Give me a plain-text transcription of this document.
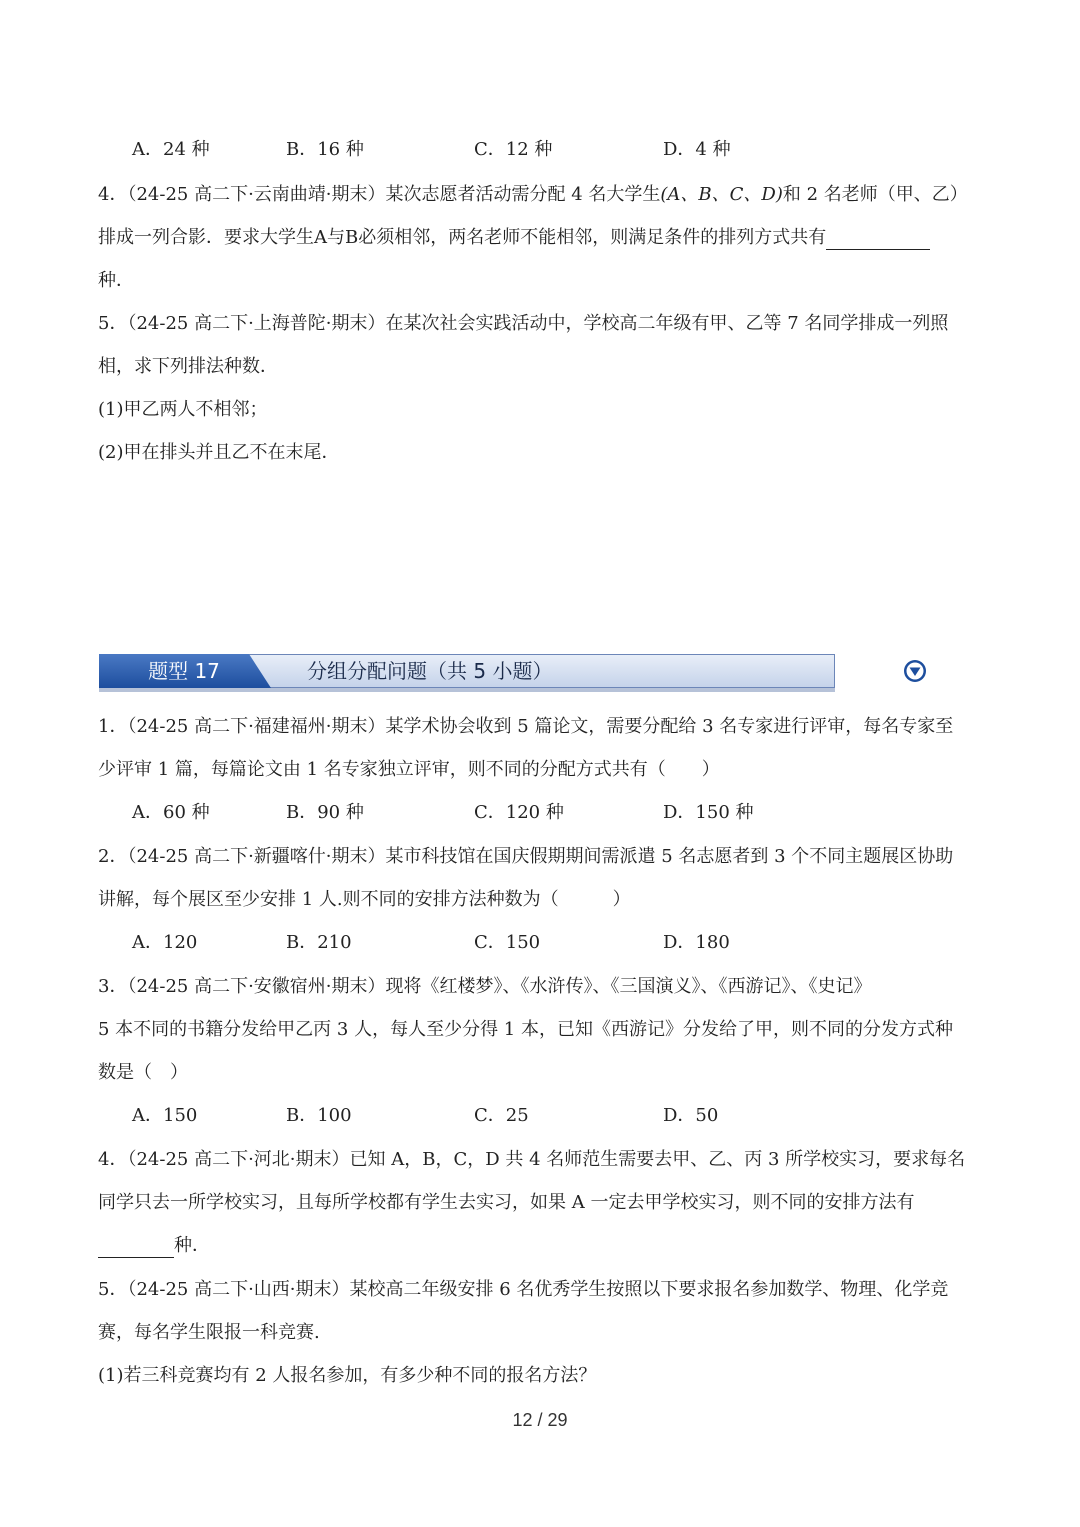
A．24 种	B．16 种	C．12 种	D．4 种
4．（24-25 高二下·云南曲靖·期末）某次志愿者活动需分配 4 名大学生(A、B、C、D)和 2 名老师（甲、乙）
排成一列合影．要求大学生A与B必须相邻，两名老师不能相邻，则满足条件的排列方式共有
种．
5．（24-25 高二下·上海普陀·期末）在某次社会实践活动中，学校高二年级有甲、乙等 7 名同学排成一列照
相，求下列排法种数．
(1)甲乙两人不相邻；
(2)甲在排头并且乙不在末尾．
题型 17	分组分配问题（共 5 小题）
1．（24-25 高二下·福建福州·期末）某学术协会收到 5 篇论文，需要分配给 3 名专家进行评审，每名专家至
少评审 1 篇，每篇论文由 1 名专家独立评审，则不同的分配方式共有（　　）
A．60 种	B．90 种	C．120 种	D．150 种
2．（24-25 高二下·新疆喀什·期末）某市科技馆在国庆假期期间需派遣 5 名志愿者到 3 个不同主题展区协助
讲解，每个展区至少安排 1 人.则不同的安排方法种数为（　　　）
A．120	B．210	C．150	D．180
3．（24-25 高二下·安徽宿州·期末）现将《红楼梦》、《水浒传》、《三国演义》、《西游记》、《史记》
5 本不同的书籍分发给甲乙丙 3 人，每人至少分得 1 本，已知《西游记》分发给了甲，则不同的分发方式种
数是（　）
A．150	B．100	C．25	D．50
4．（24-25 高二下·河北·期末）已知 A，B，C，D 共 4 名师范生需要去甲、乙、丙 3 所学校实习，要求每名
同学只去一所学校实习，且每所学校都有学生去实习，如果 A 一定去甲学校实习，则不同的安排方法有
种．
5．（24-25 高二下·山西·期末）某校高二年级安排 6 名优秀学生按照以下要求报名参加数学、物理、化学竞
赛，每名学生限报一科竞赛.
(1)若三科竞赛均有 2 人报名参加，有多少种不同的报名方法？
12 / 29
